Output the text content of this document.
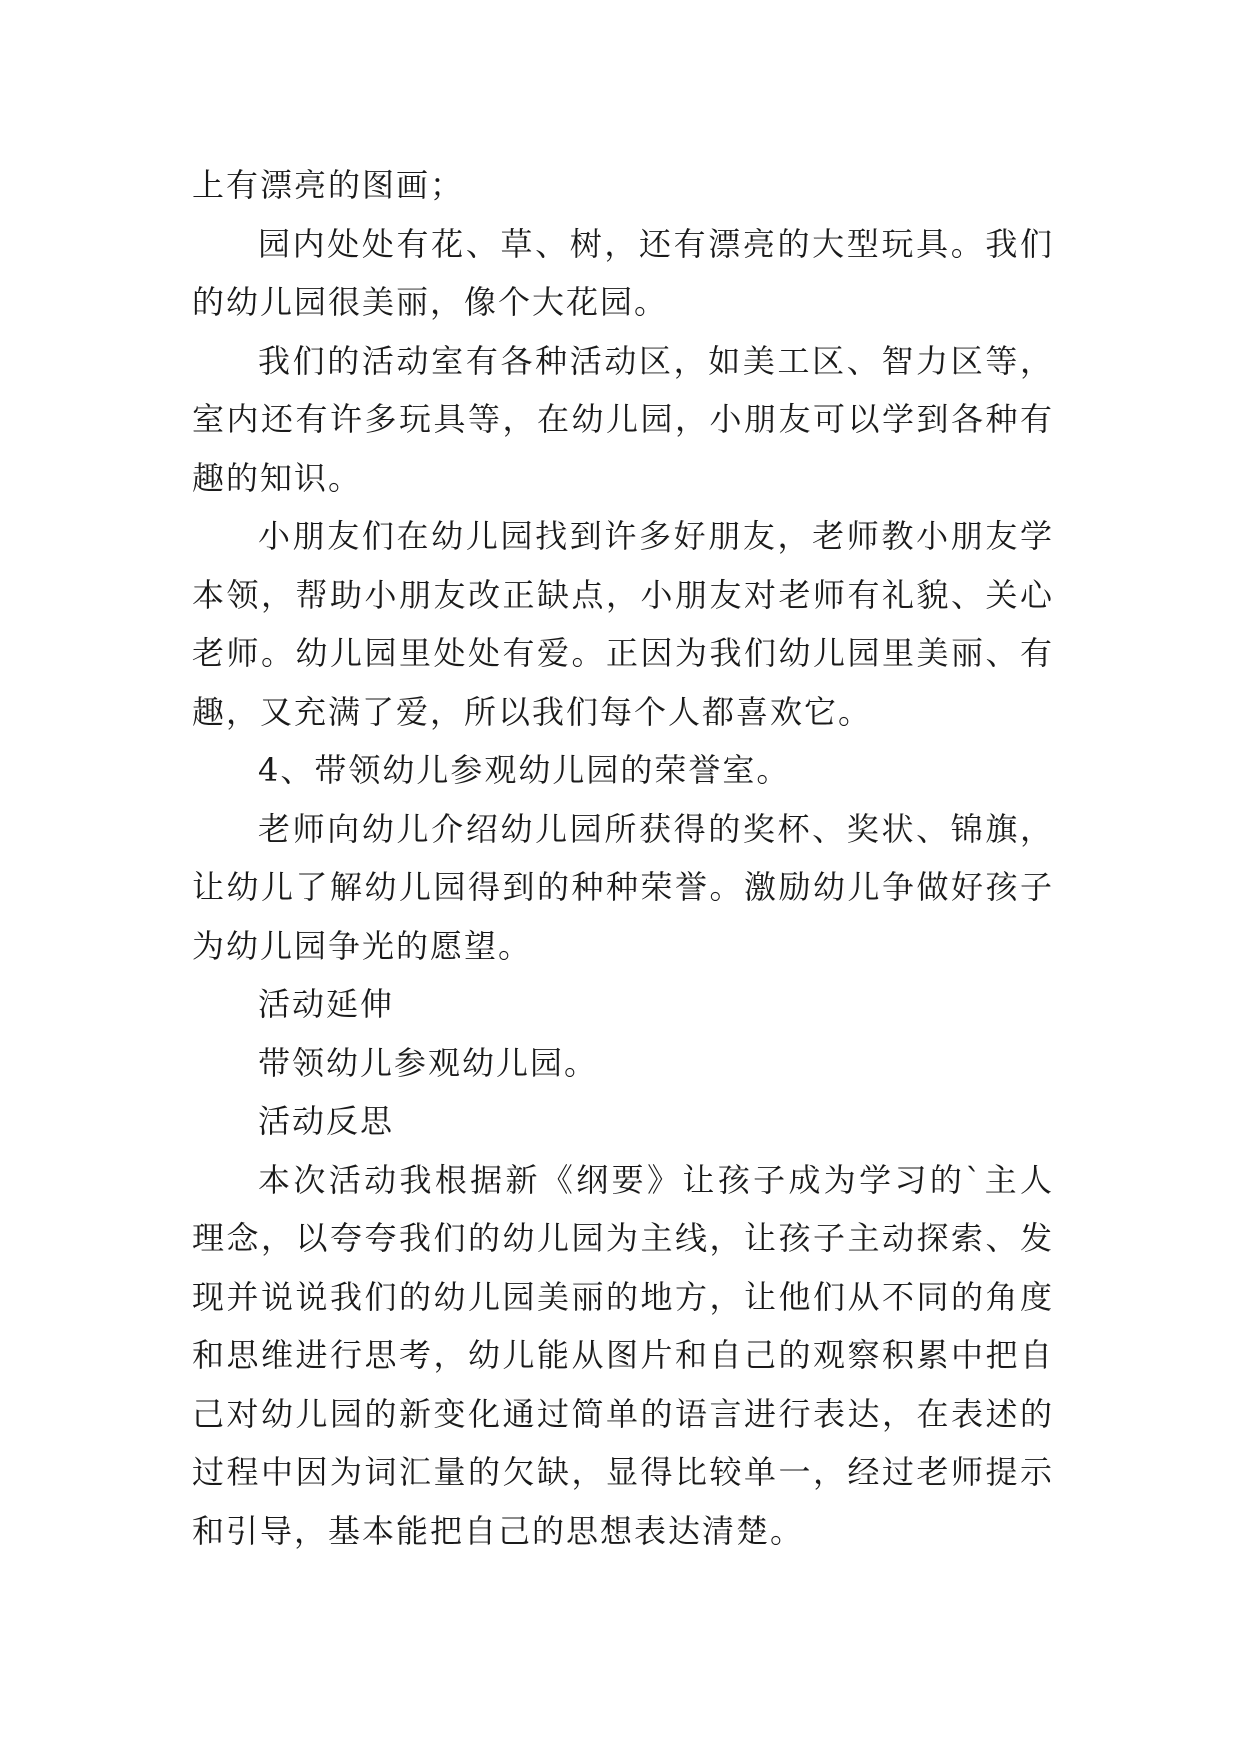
上有漂亮的图画；

园内处处有花、草、树，还有漂亮的大型玩具。我们的幼儿园很美丽，像个大花园。

我们的活动室有各种活动区，如美工区、智力区等，室内还有许多玩具等，在幼儿园，小朋友可以学到各种有趣的知识。

小朋友们在幼儿园找到许多好朋友，老师教小朋友学本领，帮助小朋友改正缺点，小朋友对老师有礼貌、关心老师。幼儿园里处处有爱。正因为我们幼儿园里美丽、有趣，又充满了爱，所以我们每个人都喜欢它。

4、带领幼儿参观幼儿园的荣誉室。

老师向幼儿介绍幼儿园所获得的奖杯、奖状、锦旗，让幼儿了解幼儿园得到的种种荣誉。激励幼儿争做好孩子为幼儿园争光的愿望。

活动延伸

带领幼儿参观幼儿园。

活动反思

本次活动我根据新《纲要》让孩子成为学习的`主人理念，以夸夸我们的幼儿园为主线，让孩子主动探索、发现并说说我们的幼儿园美丽的地方，让他们从不同的角度和思维进行思考，幼儿能从图片和自己的观察积累中把自己对幼儿园的新变化通过简单的语言进行表达，在表述的过程中因为词汇量的欠缺，显得比较单一，经过老师提示和引导，基本能把自己的思想表达清楚。
